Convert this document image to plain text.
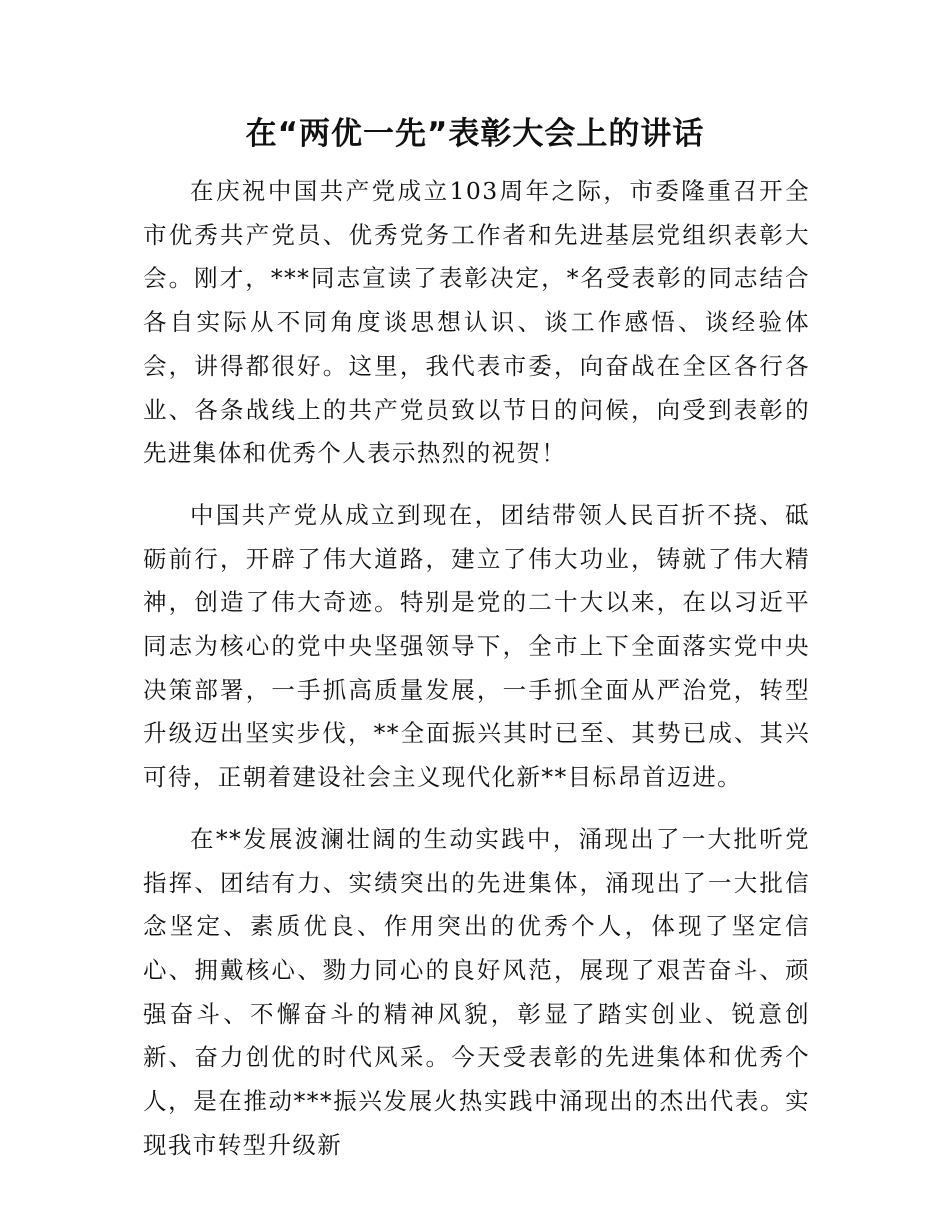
在“两优一先”表彰大会上的讲话

在庆祝中国共产党成立103周年之际，市委隆重召开全市优秀共产党员、优秀党务工作者和先进基层党组织表彰大会。刚才，***同志宣读了表彰决定，*名受表彰的同志结合各自实际从不同角度谈思想认识、谈工作感悟、谈经验体会，讲得都很好。这里，我代表市委，向奋战在全区各行各业、各条战线上的共产党员致以节日的问候，向受到表彰的先进集体和优秀个人表示热烈的祝贺！

中国共产党从成立到现在，团结带领人民百折不挠、砥砺前行，开辟了伟大道路，建立了伟大功业，铸就了伟大精神，创造了伟大奇迹。特别是党的二十大以来，在以习近平同志为核心的党中央坚强领导下，全市上下全面落实党中央决策部署，一手抓高质量发展，一手抓全面从严治党，转型升级迈出坚实步伐，**全面振兴其时已至、其势已成、其兴可待，正朝着建设社会主义现代化新**目标昂首迈进。

在**发展波澜壮阔的生动实践中，涌现出了一大批听党指挥、团结有力、实绩突出的先进集体，涌现出了一大批信念坚定、素质优良、作用突出的优秀个人，体现了坚定信心、拥戴核心、勠力同心的良好风范，展现了艰苦奋斗、顽强奋斗、不懈奋斗的精神风貌，彰显了踏实创业、锐意创新、奋力创优的时代风采。今天受表彰的先进集体和优秀个人，是在推动***振兴发展火热实践中涌现出的杰出代表。实现我市转型升级新
